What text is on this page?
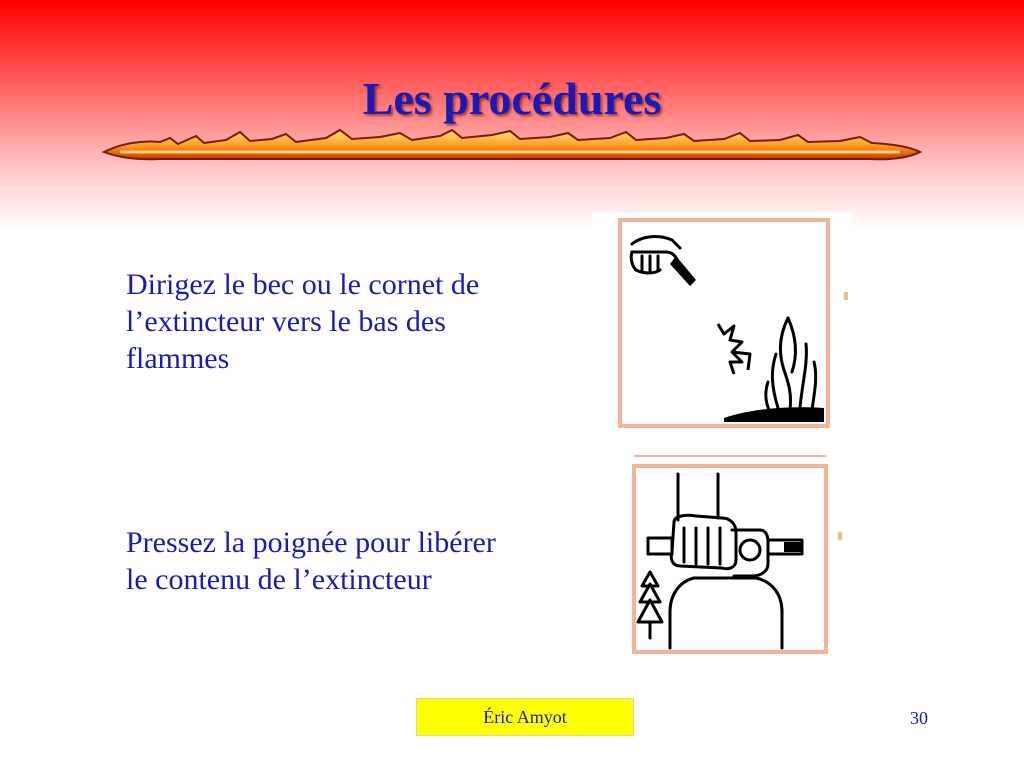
Les procédures

Dirigez le bec ou le cornet de l’extincteur vers le bas des flammes

Pressez la poignée pour libérer le contenu de l’extincteur

Éric Amyot	30
